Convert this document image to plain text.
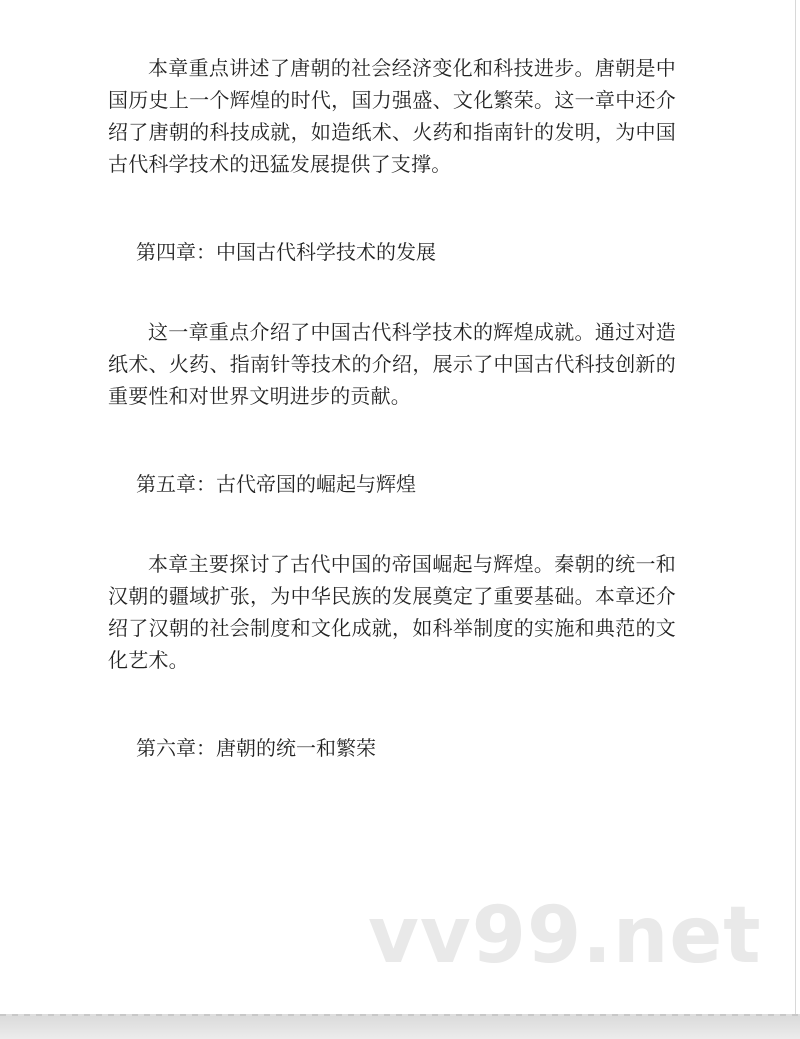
本章重点讲述了唐朝的社会经济变化和科技进步。唐朝是中国历史上一个辉煌的时代，国力强盛、文化繁荣。这一章中还介绍了唐朝的科技成就，如造纸术、火药和指南针的发明，为中国古代科学技术的迅猛发展提供了支撑。

第四章：中国古代科学技术的发展

这一章重点介绍了中国古代科学技术的辉煌成就。通过对造纸术、火药、指南针等技术的介绍，展示了中国古代科技创新的重要性和对世界文明进步的贡献。

第五章：古代帝国的崛起与辉煌

本章主要探讨了古代中国的帝国崛起与辉煌。秦朝的统一和汉朝的疆域扩张，为中华民族的发展奠定了重要基础。本章还介绍了汉朝的社会制度和文化成就，如科举制度的实施和典范的文化艺术。

第六章：唐朝的统一和繁荣

vv99.net
